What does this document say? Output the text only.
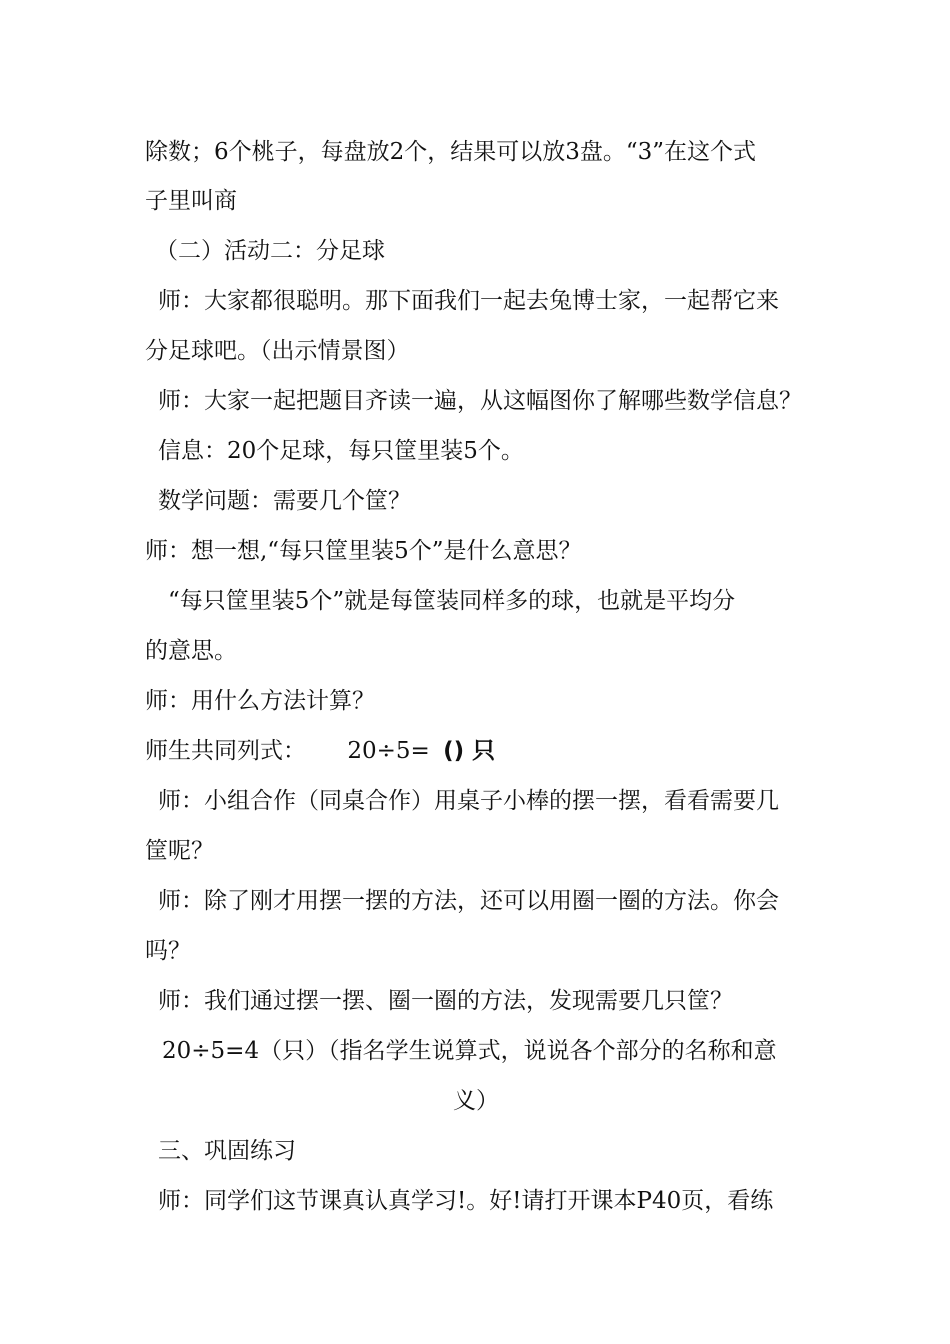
除数；6个桃子，每盘放2个，结果可以放3盘。“3”在这个式
子里叫商
（二）活动二：分足球
师：大家都很聪明。那下面我们一起去兔博士家，一起帮它来
分足球吧。（出示情景图）
师：大家一起把题目齐读一遍，从这幅图你了解哪些数学信息？
信息：20个足球，每只筐里装5个。
数学问题：需要几个筐？
师：想一想,“每只筐里装5个”是什么意思？
“每只筐里装5个”就是每筐装同样多的球，也就是平均分
的意思。
师：用什么方法计算？
师生共同列式： 20÷5= () 只
师：小组合作（同桌合作）用桌子小棒的摆一摆，看看需要几
筐呢？
师：除了刚才用摆一摆的方法，还可以用圈一圈的方法。你会
吗？
师：我们通过摆一摆、圈一圈的方法，发现需要几只筐？
20÷5=4（只）（指名学生说算式，说说各个部分的名称和意
义）
三、巩固练习
师：同学们这节课真认真学习!。好!请打开课本P40页，看练
